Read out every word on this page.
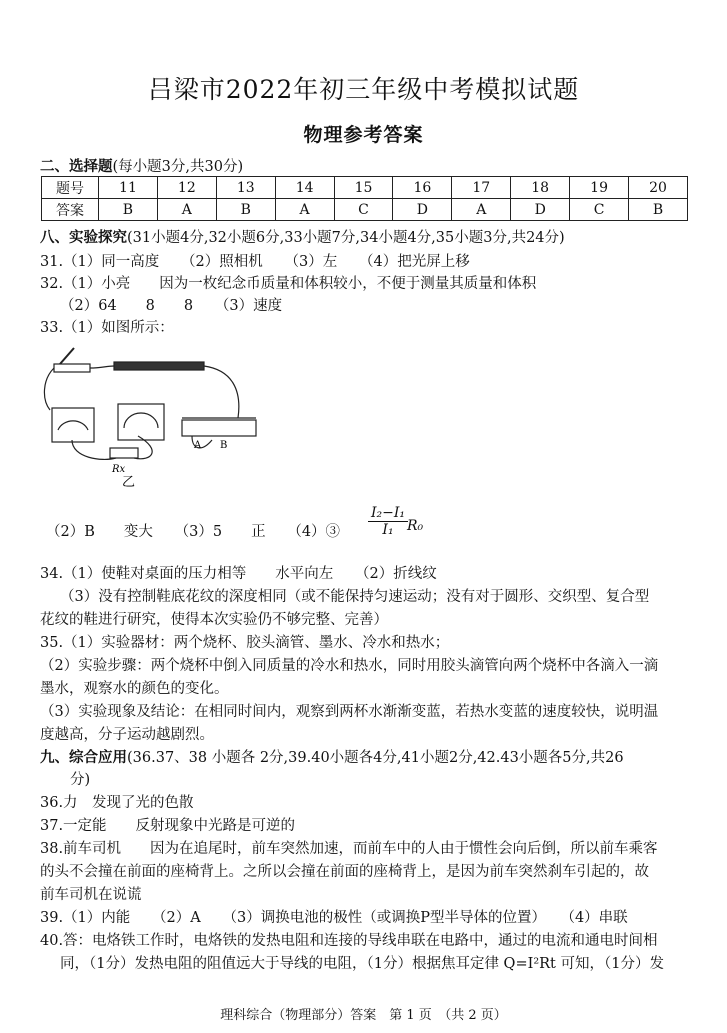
吕梁市2022年初三年级中考模拟试题
物理参考答案
二、选择题(每小题3分,共30分)
题号	11	12	13	14	15	16	17	18	19	20
答案	B	A	B	A	C	D	A	D	C	B
八、实验探究(31小题4分,32小题6分,33小题7分,34小题4分,35小题3分,共24分)
31.（1）同一高度　　（2）照相机　　（3）左　　（4）把光屏上移
32.（1）小亮　　因为一枚纪念币质量和体积较小，不便于测量其质量和体积
（2）64　　8　　8　　（3）速度
33.（1）如图所示：
Rx
A B
乙
（2）B　　变大　　（3）5　　正　　（4）③ $\frac{\text{I₂−I₁}}{\text{I₁}}$
R₀
34.（1）使鞋对桌面的压力相等　　水平向左　　（2）折线纹
（3）没有控制鞋底花纹的深度相同（或不能保持匀速运动；没有对于圆形、交织型、复合型
花纹的鞋进行研究，使得本次实验仍不够完整、完善）
35.（1）实验器材：两个烧杯、胶头滴管、墨水、冷水和热水；
（2）实验步骤：两个烧杯中倒入同质量的冷水和热水，同时用胶头滴管向两个烧杯中各滴入一滴
墨水，观察水的颜色的变化。
（3）实验现象及结论：在相同时间内，观察到两杯水渐渐变蓝，若热水变蓝的速度较快，说明温
度越高，分子运动越剧烈。
九、综合应用(36.37、38 小题各 2分,39.40小题各4分,41小题2分,42.43小题各5分,共26
分)
36.力　发现了光的色散
37.一定能　　反射现象中光路是可逆的
38.前车司机　　因为在追尾时，前车突然加速，而前车中的人由于惯性会向后倒，所以前车乘客
的头不会撞在前面的座椅背上。之所以会撞在前面的座椅背上，是因为前车突然刹车引起的，故
前车司机在说谎
39.（1）内能　　（2）A　　（3）调换电池的极性（或调换P型半导体的位置）　　（4）串联
40.答：电烙铁工作时，电烙铁的发热电阻和连接的导线串联在电路中，通过的电流和通电时间相
同，（1分）发热电阻的阻值远大于导线的电阻，（1分）根据焦耳定律 Q=I²Rt 可知，（1分）发
理科综合（物理部分）答案　第 1 页　（共 2 页）
